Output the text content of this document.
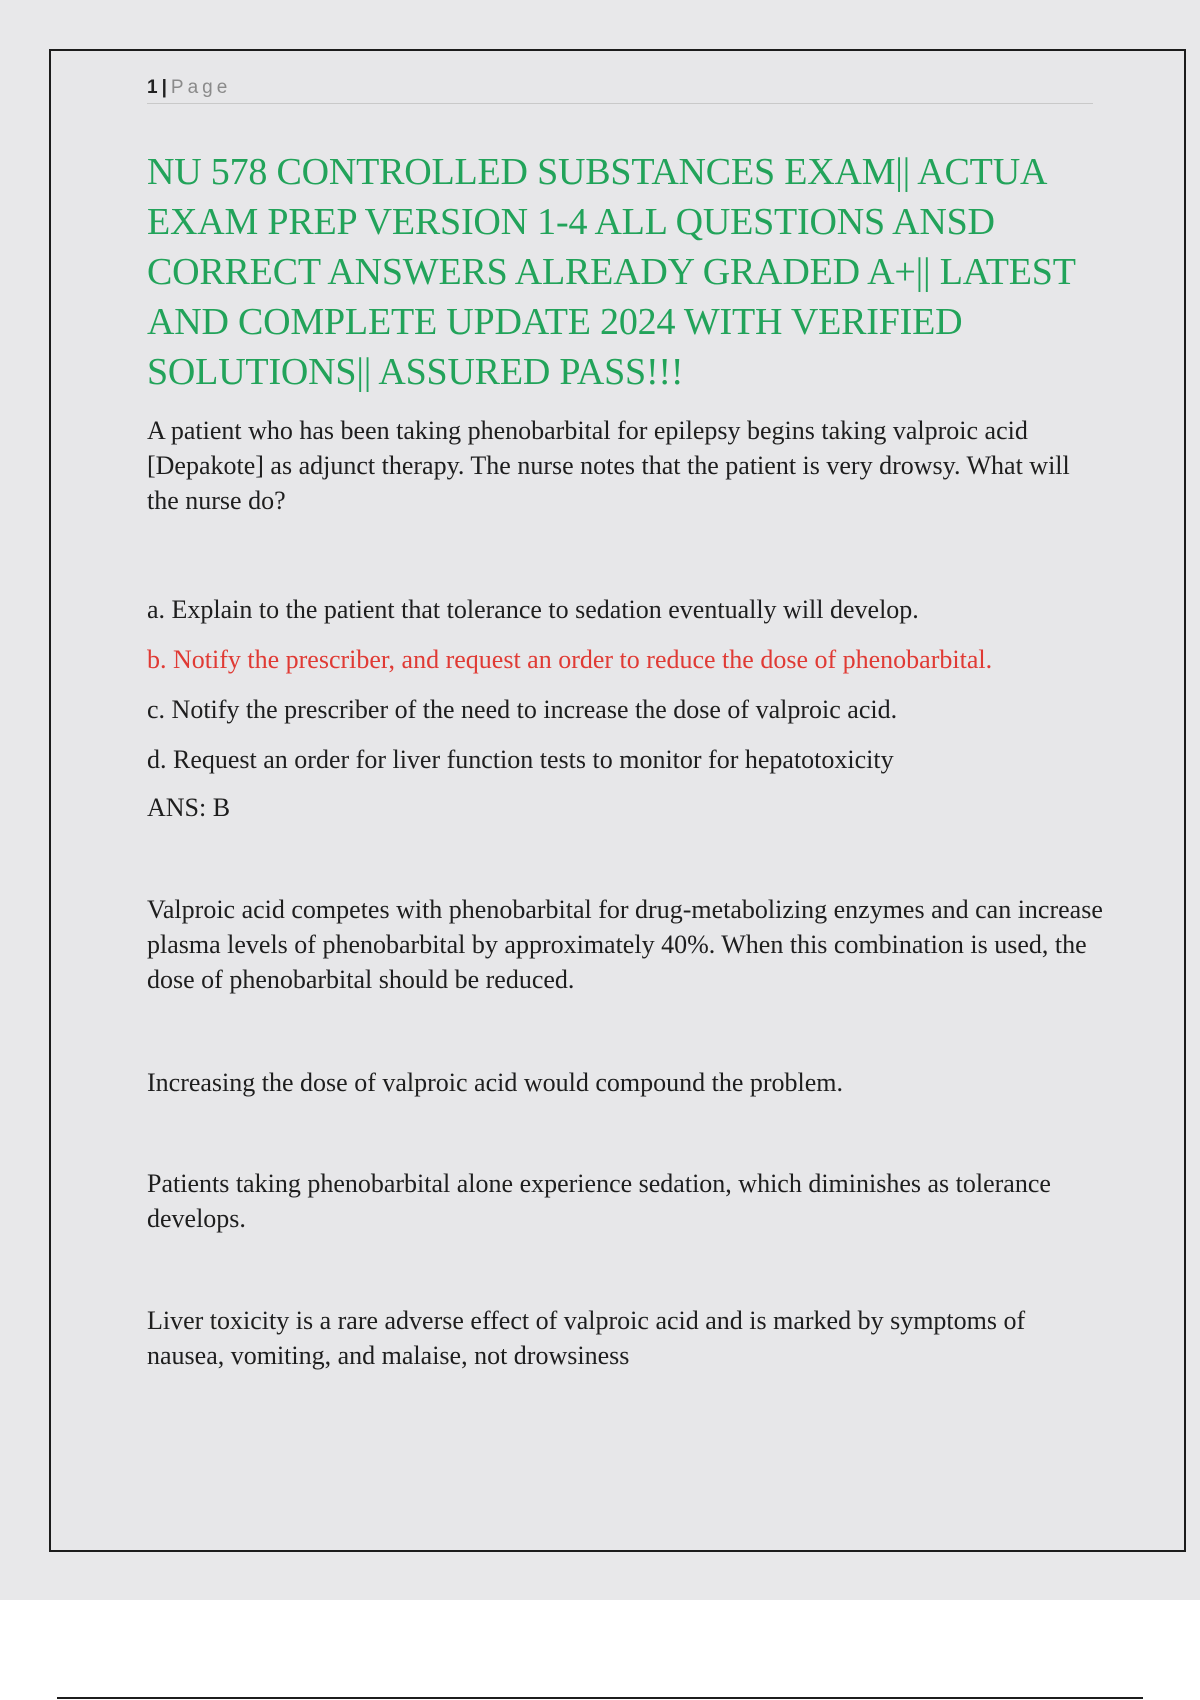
1 | Page
NU 578 CONTROLLED SUBSTANCES EXAM|| ACTUA EXAM PREP VERSION 1-4 ALL QUESTIONS ANSD CORRECT ANSWERS ALREADY GRADED A+|| LATEST AND COMPLETE UPDATE 2024 WITH VERIFIED SOLUTIONS|| ASSURED PASS!!!

A patient who has been taking phenobarbital for epilepsy begins taking valproic acid [Depakote] as adjunct therapy. The nurse notes that the patient is very drowsy. What will the nurse do?

a. Explain to the patient that tolerance to sedation eventually will develop.
b. Notify the prescriber, and request an order to reduce the dose of phenobarbital.
c. Notify the prescriber of the need to increase the dose of valproic acid.
d. Request an order for liver function tests to monitor for hepatotoxicity

ANS: B

Valproic acid competes with phenobarbital for drug-metabolizing enzymes and can increase plasma levels of phenobarbital by approximately 40%. When this combination is used, the dose of phenobarbital should be reduced.

Increasing the dose of valproic acid would compound the problem.

Patients taking phenobarbital alone experience sedation, which diminishes as tolerance develops.

Liver toxicity is a rare adverse effect of valproic acid and is marked by symptoms of nausea, vomiting, and malaise, not drowsiness
